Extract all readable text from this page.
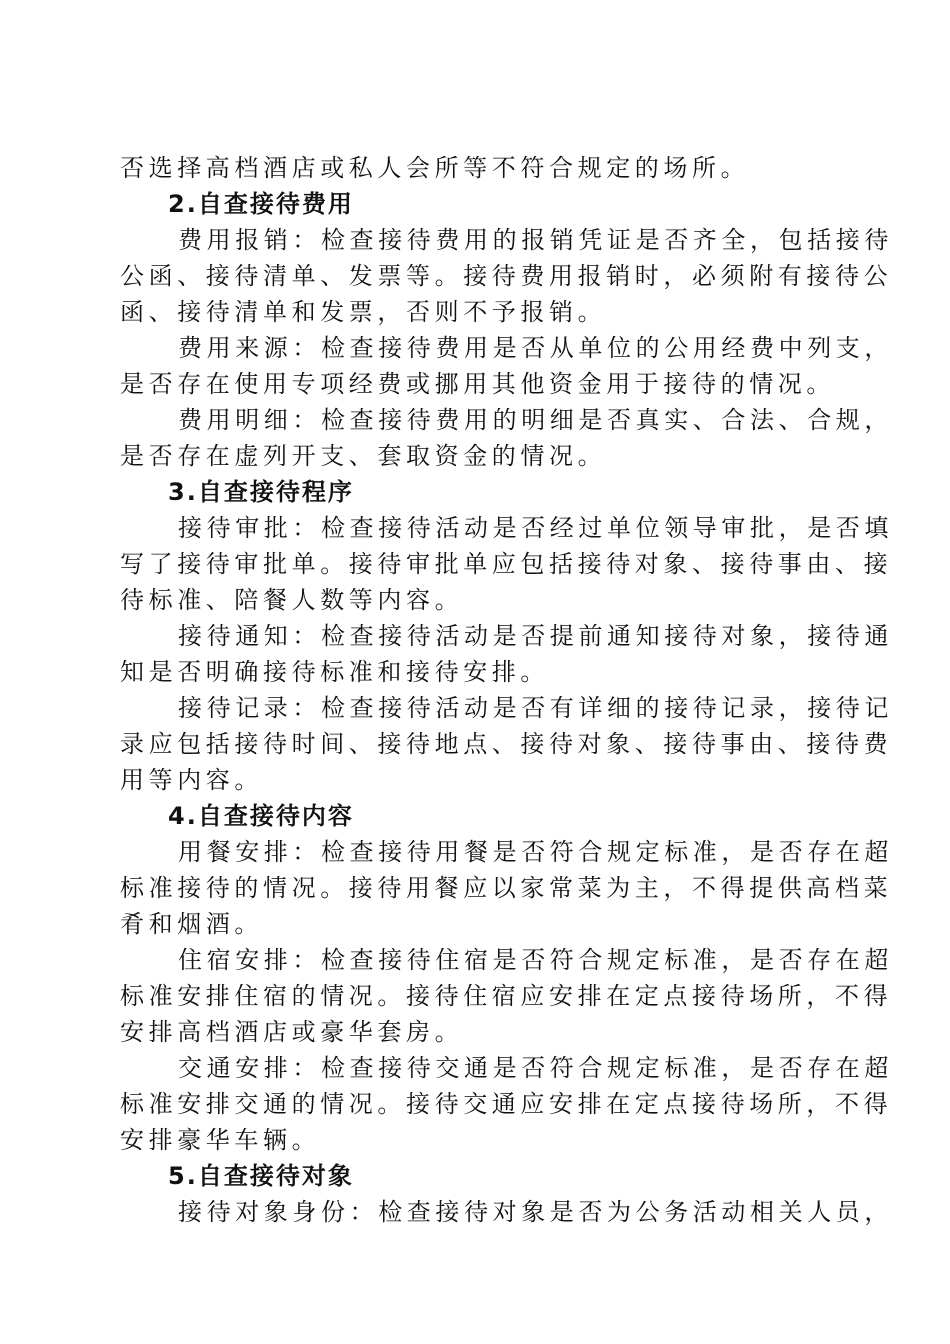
否选择高档酒店或私人会所等不符合规定的场所。
2.自查接待费用
费用报销：检查接待费用的报销凭证是否齐全，包括接待
公函、接待清单、发票等。接待费用报销时，必须附有接待公
函、接待清单和发票，否则不予报销。
费用来源：检查接待费用是否从单位的公用经费中列支，
是否存在使用专项经费或挪用其他资金用于接待的情况。
费用明细：检查接待费用的明细是否真实、合法、合规，
是否存在虚列开支、套取资金的情况。
3.自查接待程序
接待审批：检查接待活动是否经过单位领导审批，是否填
写了接待审批单。接待审批单应包括接待对象、接待事由、接
待标准、陪餐人数等内容。
接待通知：检查接待活动是否提前通知接待对象，接待通
知是否明确接待标准和接待安排。
接待记录：检查接待活动是否有详细的接待记录，接待记
录应包括接待时间、接待地点、接待对象、接待事由、接待费
用等内容。
4.自查接待内容
用餐安排：检查接待用餐是否符合规定标准，是否存在超
标准接待的情况。接待用餐应以家常菜为主，不得提供高档菜
肴和烟酒。
住宿安排：检查接待住宿是否符合规定标准，是否存在超
标准安排住宿的情况。接待住宿应安排在定点接待场所，不得
安排高档酒店或豪华套房。
交通安排：检查接待交通是否符合规定标准，是否存在超
标准安排交通的情况。接待交通应安排在定点接待场所，不得
安排豪华车辆。
5.自查接待对象
接待对象身份：检查接待对象是否为公务活动相关人员，
